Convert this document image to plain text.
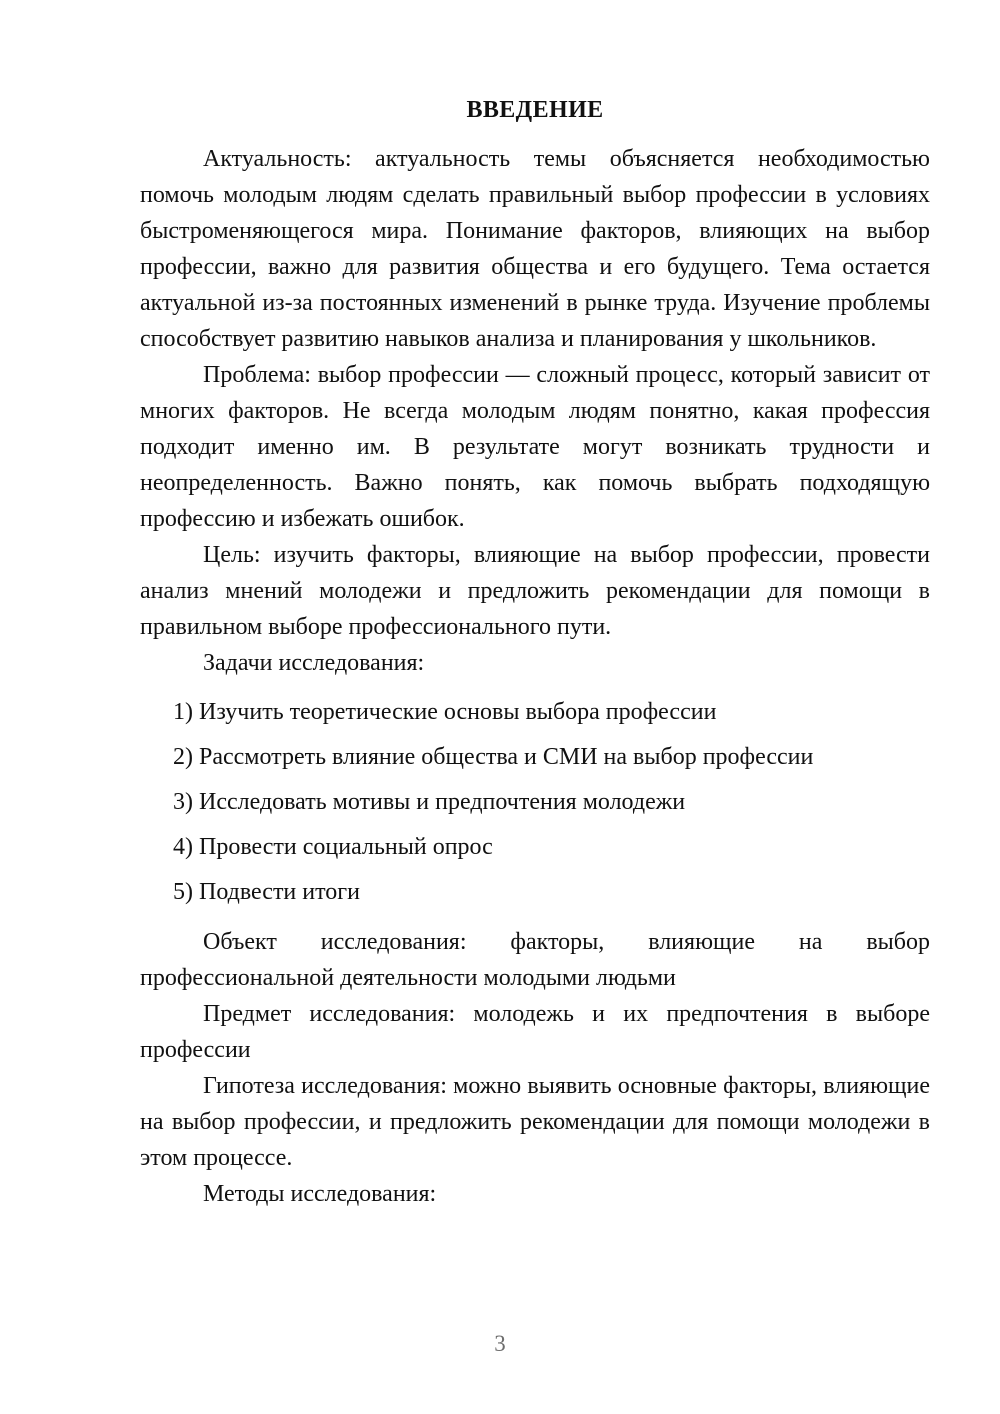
ВВЕДЕНИЕ

Актуальность: актуальность темы объясняется необходимостью помочь молодым людям сделать правильный выбор профессии в условиях быстроменяющегося мира. Понимание факторов, влияющих на выбор профессии, важно для развития общества и его будущего. Тема остается актуальной из-за постоянных изменений в рынке труда. Изучение проблемы способствует развитию навыков анализа и планирования у школьников.

Проблема: выбор профессии — сложный процесс, который зависит от многих факторов. Не всегда молодым людям понятно, какая профессия подходит именно им. В результате могут возникать трудности и неопределенность. Важно понять, как помочь выбрать подходящую профессию и избежать ошибок.

Цель: изучить факторы, влияющие на выбор профессии, провести анализ мнений молодежи и предложить рекомендации для помощи в правильном выборе профессионального пути.

Задачи исследования:

1) Изучить теоретические основы выбора профессии
2) Рассмотреть влияние общества и СМИ на выбор профессии
3) Исследовать мотивы и предпочтения молодежи
4) Провести социальный опрос
5) Подвести итоги

Объект исследования: факторы, влияющие на выбор профессиональной деятельности молодыми людьми

Предмет исследования: молодежь и их предпочтения в выборе профессии

Гипотеза исследования: можно выявить основные факторы, влияющие на выбор профессии, и предложить рекомендации для помощи молодежи в этом процессе.

Методы исследования:

3
